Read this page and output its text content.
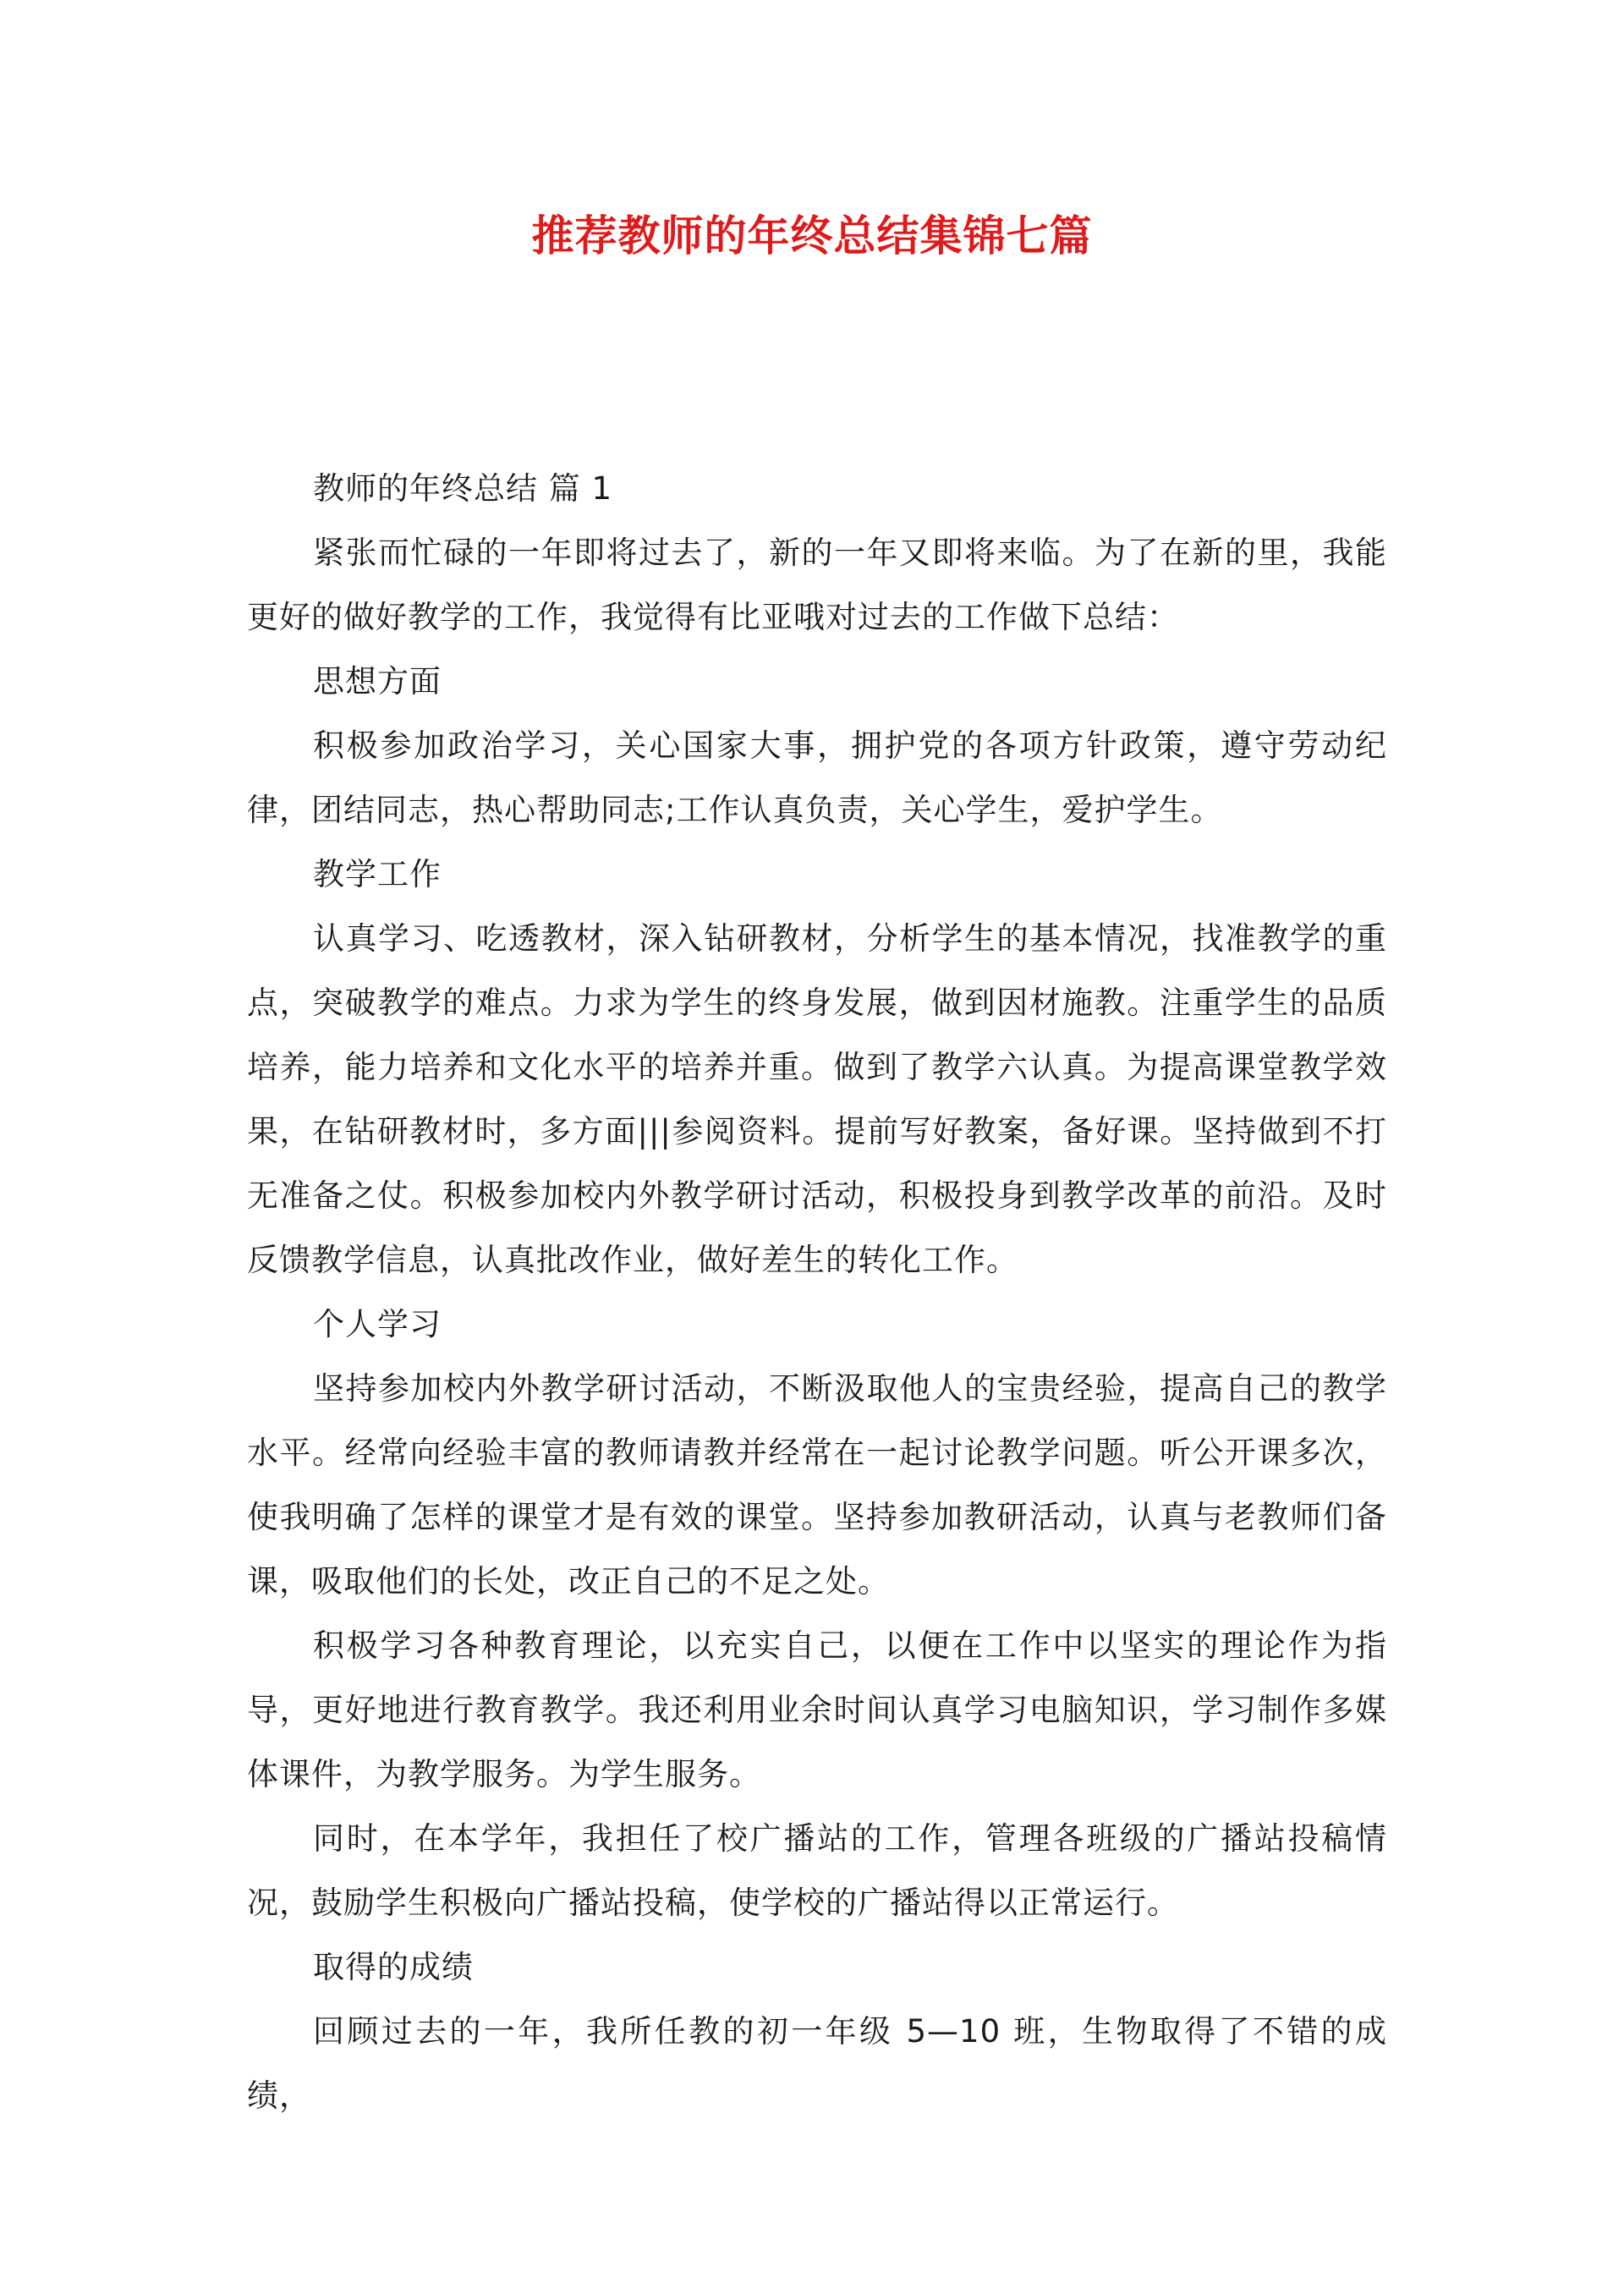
推荐教师的年终总结集锦七篇

教师的年终总结 篇 1

紧张而忙碌的一年即将过去了，新的一年又即将来临。为了在新的里，我能更好的做好教学的工作，我觉得有比亚哦对过去的工作做下总结：

思想方面

积极参加政治学习，关心国家大事，拥护党的各项方针政策，遵守劳动纪律，团结同志，热心帮助同志;工作认真负责，关心学生，爱护学生。

教学工作

认真学习、吃透教材，深入钻研教材，分析学生的基本情况，找准教学的重点，突破教学的难点。力求为学生的终身发展，做到因材施教。注重学生的品质培养，能力培养和文化水平的培养并重。做到了教学六认真。为提高课堂教学效果，在钻研教材时，多方面|||参阅资料。提前写好教案，备好课。坚持做到不打无准备之仗。积极参加校内外教学研讨活动，积极投身到教学改革的前沿。及时反馈教学信息，认真批改作业，做好差生的转化工作。

个人学习

坚持参加校内外教学研讨活动，不断汲取他人的宝贵经验，提高自己的教学水平。经常向经验丰富的教师请教并经常在一起讨论教学问题。听公开课多次，使我明确了怎样的课堂才是有效的课堂。坚持参加教研活动，认真与老教师们备课，吸取他们的长处，改正自己的不足之处。

积极学习各种教育理论，以充实自己，以便在工作中以坚实的理论作为指导，更好地进行教育教学。我还利用业余时间认真学习电脑知识，学习制作多媒体课件，为教学服务。为学生服务。

同时，在本学年，我担任了校广播站的工作，管理各班级的广播站投稿情况，鼓励学生积极向广播站投稿，使学校的广播站得以正常运行。

取得的成绩

回顾过去的一年，我所任教的初一年级 5—10 班，生物取得了不错的成绩，
